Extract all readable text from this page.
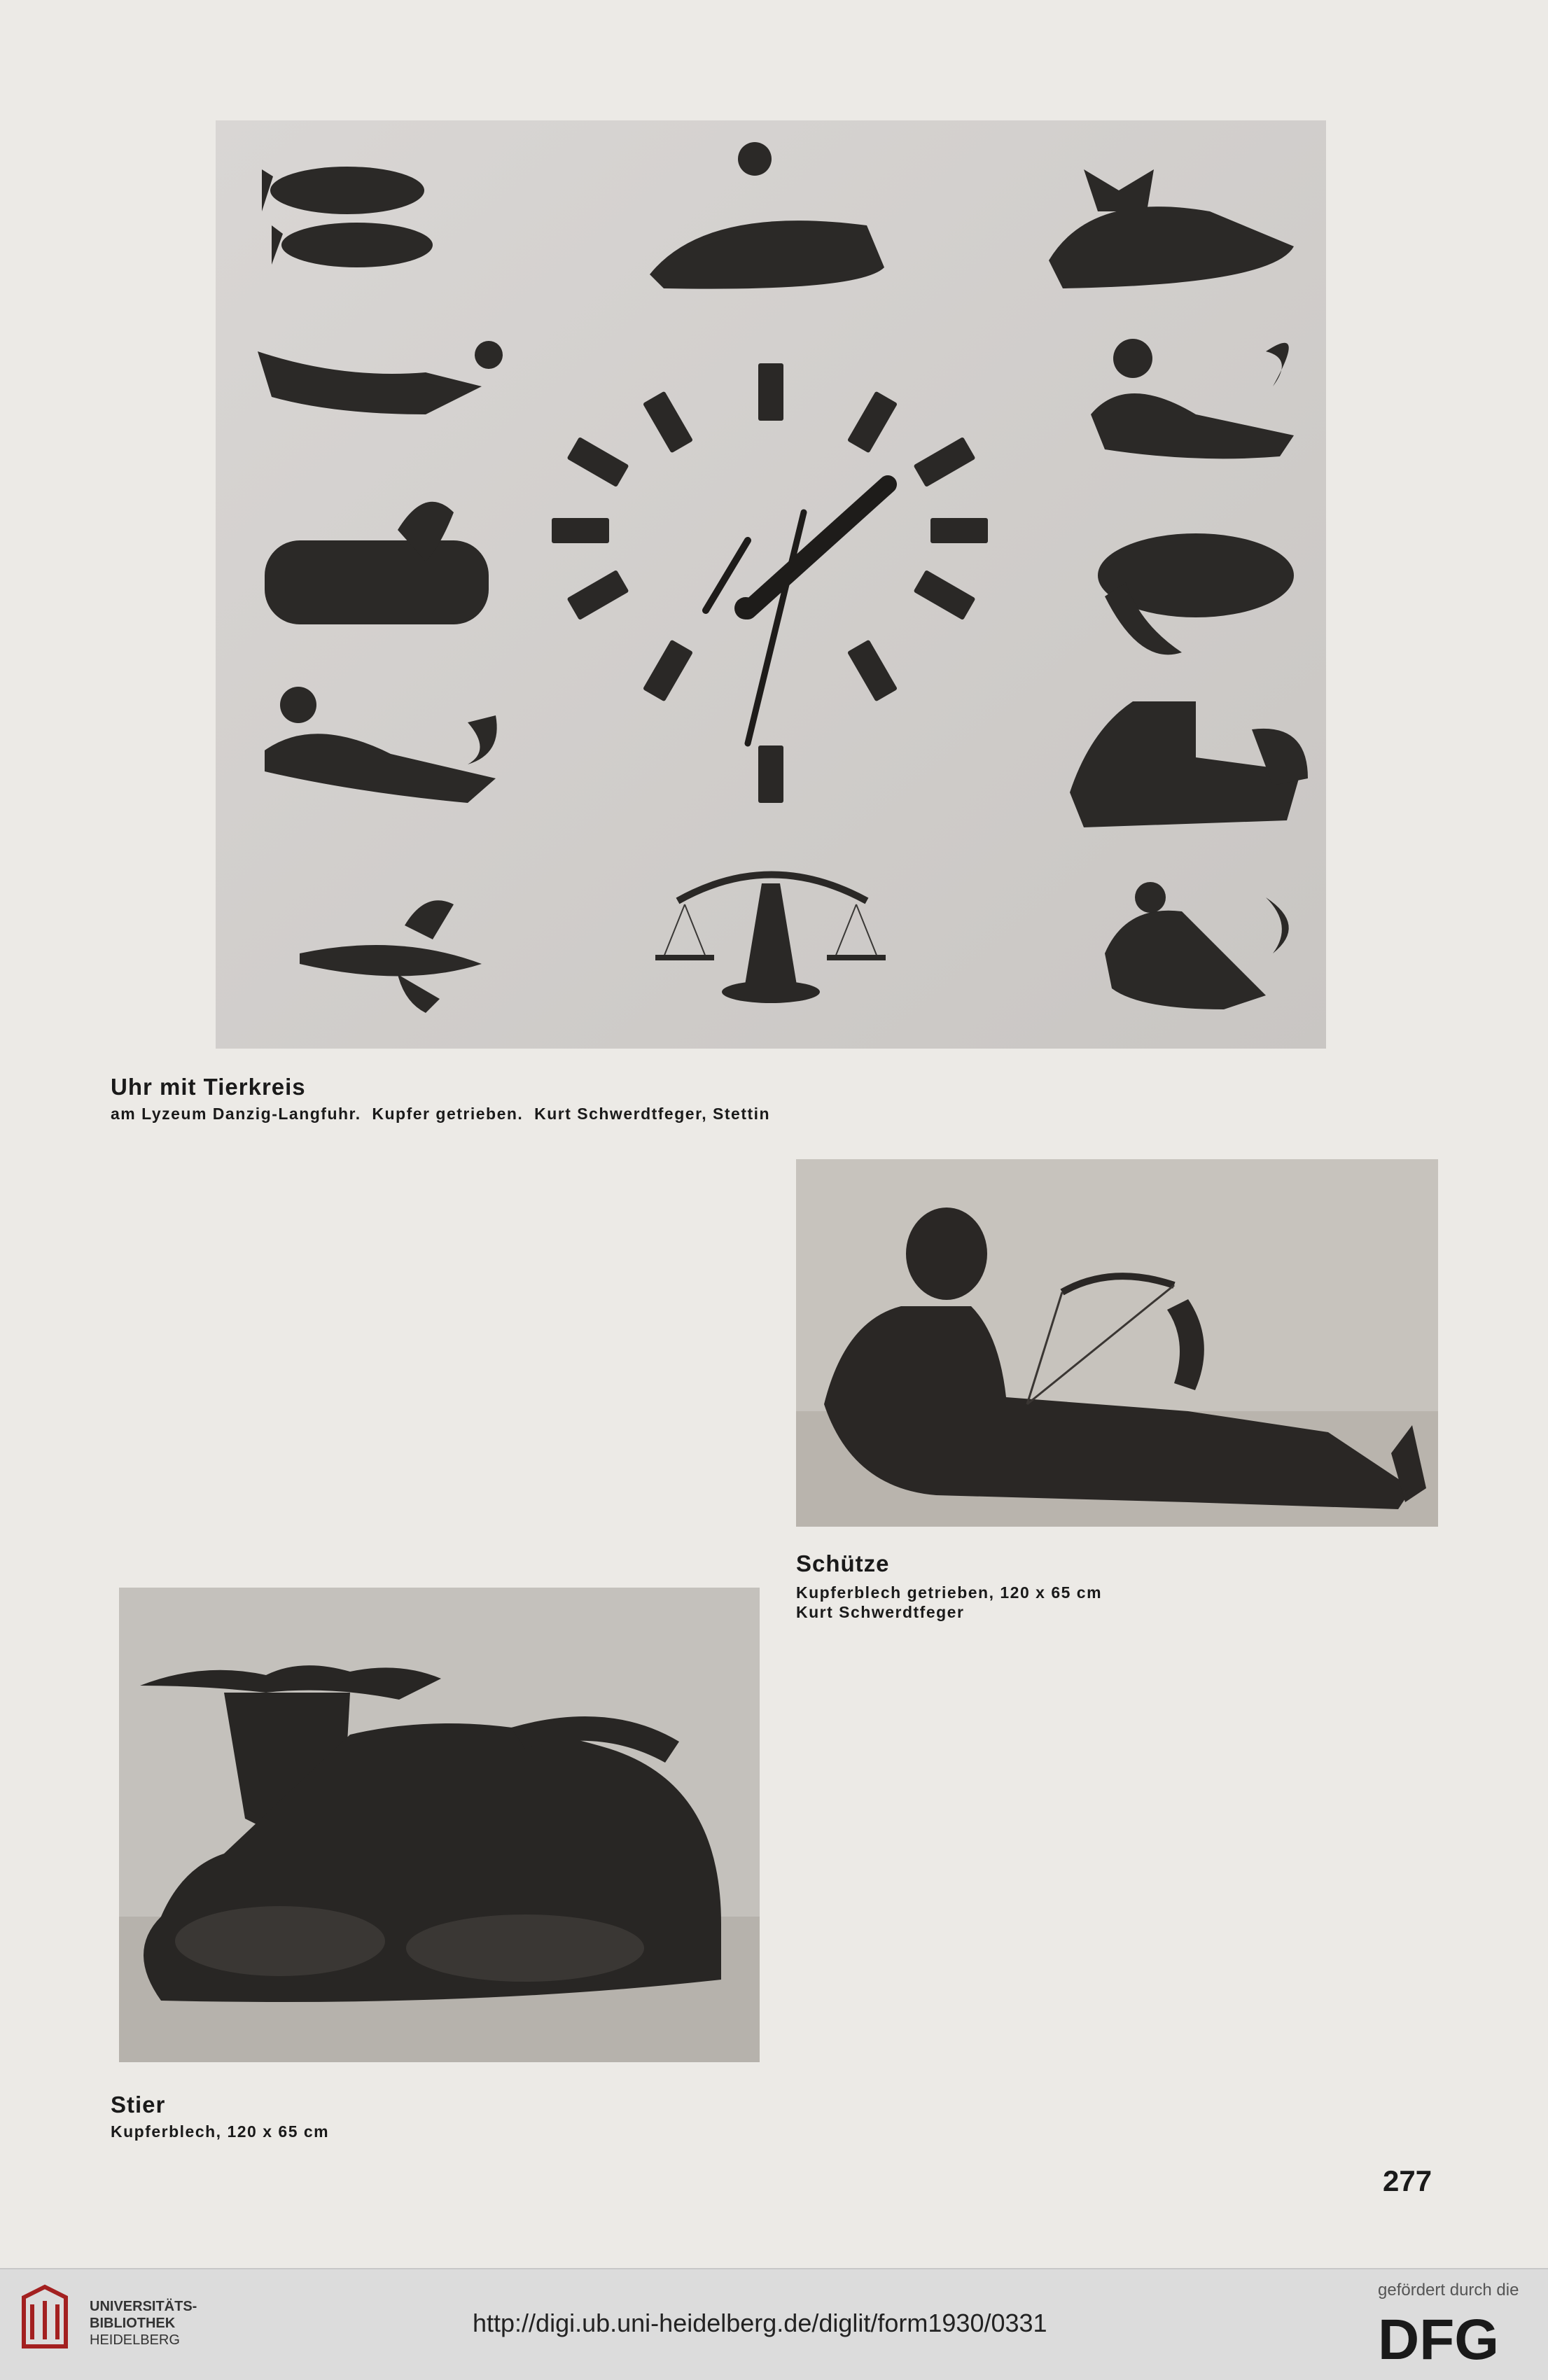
Uhr mit Tierkreis

am Lyzeum Danzig-Langfuhr.  Kupfer getrieben.  Kurt Schwerdtfeger, Stettin

Schütze

Kupferblech getrieben, 120 x 65 cm

Kurt Schwerdtfeger

Stier

Kupferblech, 120 x 65 cm

277
UNIVERSITÄTS-
BIBLIOTHEK
HEIDELBERG
http://digi.ub.uni-heidelberg.de/diglit/form1930/0331
gefördert durch die
DFG
